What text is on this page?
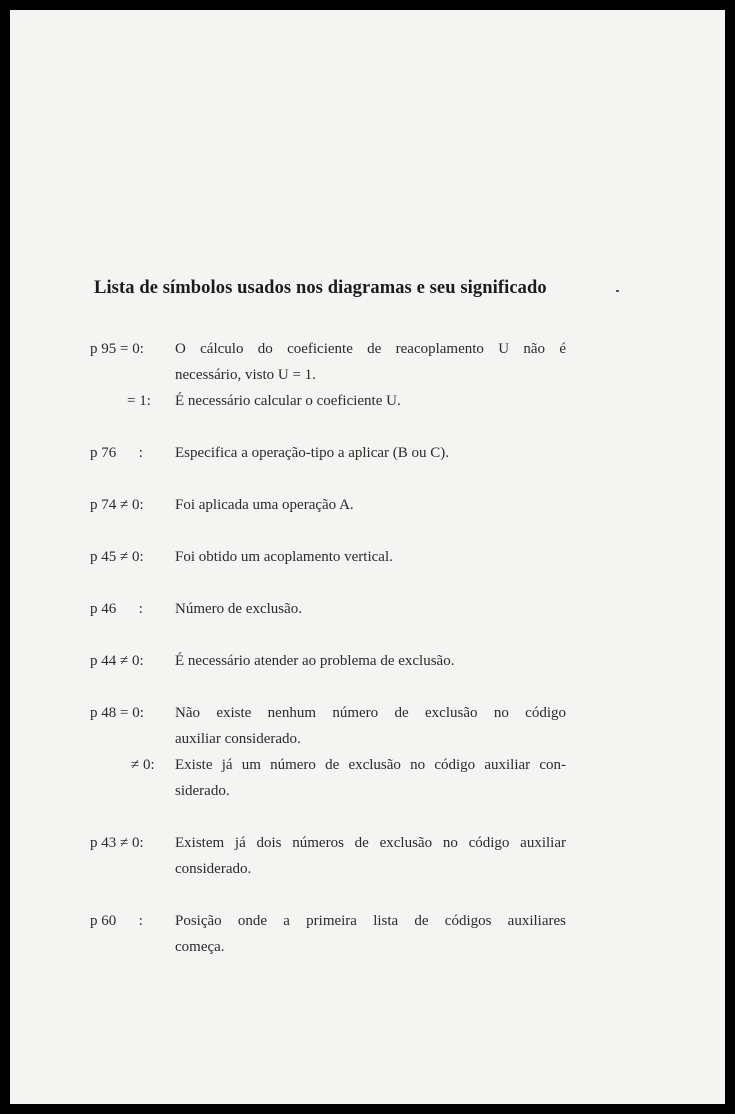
Lista de símbolos usados nos diagramas e seu significado
p 95 = 0: O cálculo do coeficiente de reacoplamento U não é
necessário, visto U = 1.
= 1: É necessário calcular o coeficiente U.
p 76      : Especifica a operação-tipo a aplicar (B ou C).
p 74 ≠ 0: Foi aplicada uma operação A.
p 45 ≠ 0: Foi obtido um acoplamento vertical.
p 46      : Número de exclusão.
p 44 ≠ 0: É necessário atender ao problema de exclusão.
p 48 = 0: Não existe nenhum número de exclusão no código
auxiliar considerado.
≠ 0: Existe já um número de exclusão no código auxiliar con-
siderado.
p 43 ≠ 0: Existem já dois números de exclusão no código auxiliar
considerado.
p 60      : Posição onde a primeira lista de códigos auxiliares
começa.
